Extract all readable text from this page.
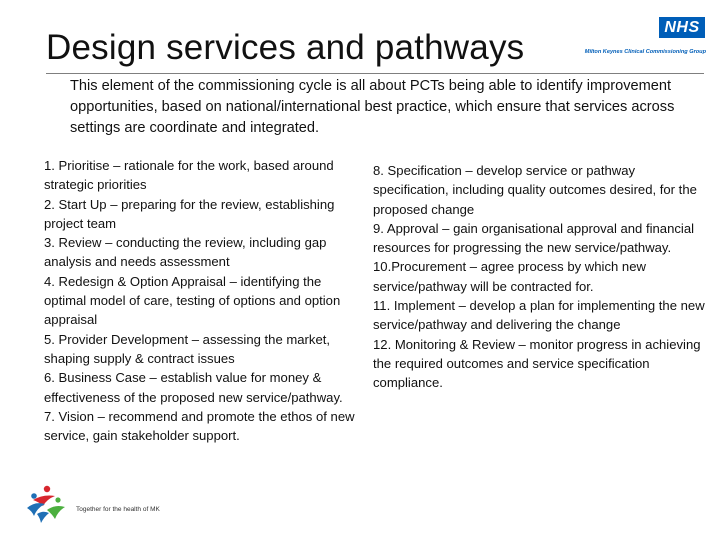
Design services and pathways
NHS
Milton Keynes Clinical Commissioning Group
This element of the commissioning cycle is all about PCTs being able to identify improvement opportunities, based on national/international best practice, which ensure that services across settings are coordinate and integrated.

1. Prioritise – rationale for the work, based around strategic priorities

2. Start Up – preparing for the review, establishing project team

3. Review – conducting the review, including gap analysis and needs assessment

4. Redesign & Option Appraisal – identifying the optimal model of care, testing of options and option appraisal

5. Provider Development – assessing the market, shaping supply & contract issues

6. Business Case – establish value for money & effectiveness of the proposed new service/pathway.

7. Vision – recommend and promote the ethos of new service, gain stakeholder support.

8. Specification – develop service or pathway specification, including quality outcomes desired, for the proposed change

9. Approval – gain organisational approval and financial resources for progressing the new service/pathway.

10.Procurement – agree process by which new service/pathway will be contracted for.

11. Implement – develop a plan for implementing the new service/pathway and delivering the change

12. Monitoring & Review – monitor progress in achieving the required outcomes and service specification compliance.

Together for the health of MK
